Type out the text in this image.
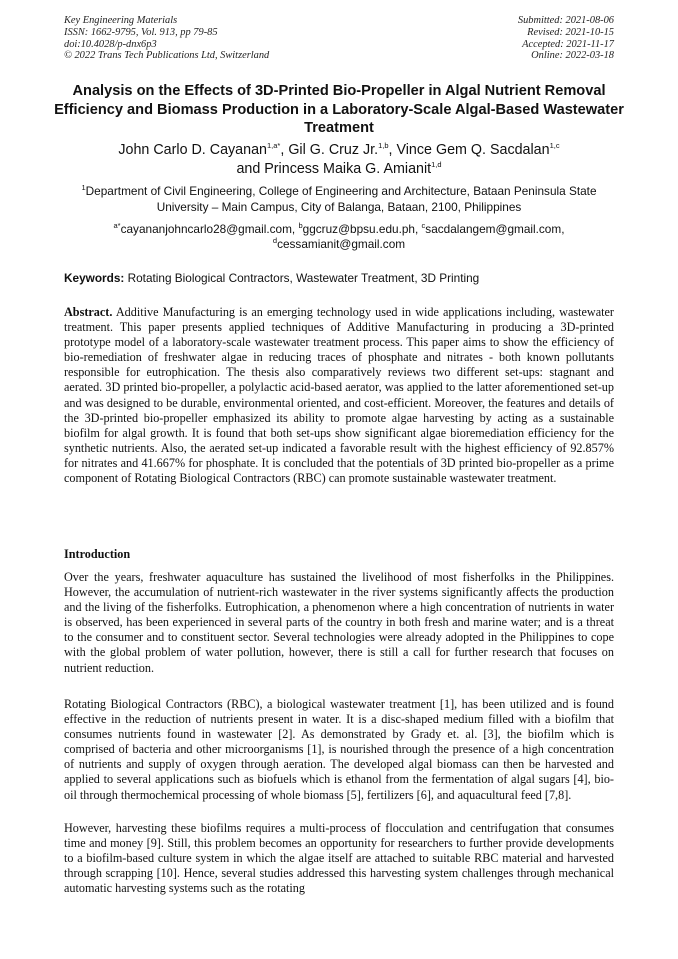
Key Engineering Materials
ISSN: 1662-9795, Vol. 913, pp 79-85
doi:10.4028/p-dnx6p3
© 2022 Trans Tech Publications Ltd, Switzerland
Submitted: 2021-08-06
Revised: 2021-10-15
Accepted: 2021-11-17
Online: 2022-03-18
Analysis on the Effects of 3D-Printed Bio-Propeller in Algal Nutrient Removal Efficiency and Biomass Production in a Laboratory-Scale Algal-Based Wastewater Treatment
John Carlo D. Cayanan$^{1,a*}$, Gil G. Cruz Jr.$^{1,b}$, Vince Gem Q. Sacdalan$^{1,c}$
and Princess Maika G. Amianit$^{1,d}$
$^1$Department of Civil Engineering, College of Engineering and Architecture, Bataan Peninsula State University – Main Campus, City of Balanga, Bataan, 2100, Philippines
$^{a*}$cayananjohncarlo28@gmail.com, $^b$ggcruz@bpsu.edu.ph, $^c$sacdalangem@gmail.com,
$^d$cessamianit@gmail.com
Keywords: Rotating Biological Contractors, Wastewater Treatment, 3D Printing

Abstract. Additive Manufacturing is an emerging technology used in wide applications including, wastewater treatment. This paper presents applied techniques of Additive Manufacturing in producing a 3D-printed prototype model of a laboratory-scale wastewater treatment process. This paper aims to show the efficiency of bio-remediation of freshwater algae in reducing traces of phosphate and nitrates - both known pollutants responsible for eutrophication. The thesis also comparatively reviews two different set-ups: stagnant and aerated. 3D printed bio-propeller, a polylactic acid-based aerator, was applied to the latter aforementioned set-up and was designed to be durable, environmental oriented, and cost-efficient. Moreover, the features and details of the 3D-printed bio-propeller emphasized its ability to promote algae harvesting by acting as a sustainable biofilm for algal growth. It is found that both set-ups show significant algae bioremediation efficiency for the synthetic nutrients. Also, the aerated set-up indicated a favorable result with the highest efficiency of 92.857% for nitrates and 41.667% for phosphate. It is concluded that the potentials of 3D printed bio-propeller as a prime component of Rotating Biological Contractors (RBC) can promote sustainable wastewater treatment.

Introduction

Over the years, freshwater aquaculture has sustained the livelihood of most fisherfolks in the Philippines. However, the accumulation of nutrient-rich wastewater in the river systems significantly affects the production and the living of the fisherfolks. Eutrophication, a phenomenon where a high concentration of nutrients in water is observed, has been experienced in several parts of the country in both fresh and marine water; and is a threat to the consumer and to constituent sector. Several technologies were already adopted in the Philippines to cope with the global problem of water pollution, however, there is still a call for further research that focuses on nutrient reduction.

Rotating Biological Contractors (RBC), a biological wastewater treatment [1], has been utilized and is found effective in the reduction of nutrients present in water. It is a disc-shaped medium filled with a biofilm that consumes nutrients found in wastewater [2]. As demonstrated by Grady et. al. [3], the biofilm which is comprised of bacteria and other microorganisms [1], is nourished through the presence of a high concentration of nutrients and supply of oxygen through aeration. The developed algal biomass can then be harvested and applied to several applications such as biofuels which is ethanol from the fermentation of algal sugars [4], bio-oil through thermochemical processing of whole biomass [5], fertilizers [6], and aquacultural feed [7,8].

However, harvesting these biofilms requires a multi-process of flocculation and centrifugation that consumes time and money [9]. Still, this problem becomes an opportunity for researchers to further provide developments to a biofilm-based culture system in which the algae itself are attached to suitable RBC material and harvested through scrapping [10]. Hence, several studies addressed this harvesting system challenges through mechanical automatic harvesting systems such as the rotating
